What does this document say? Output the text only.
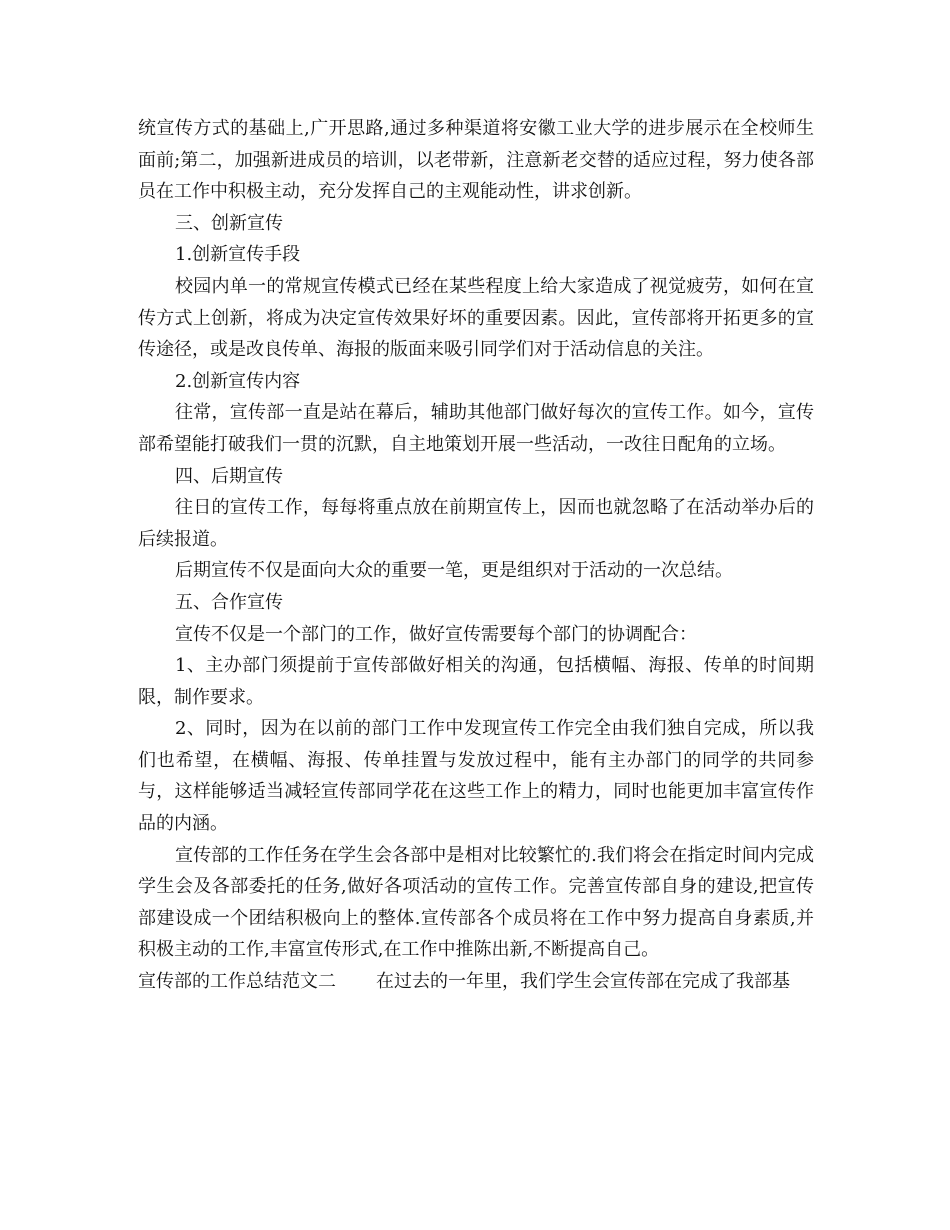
统宣传方式的基础上,广开思路,通过多种渠道将安徽工业大学的进步展示在全校师生面前;第二，加强新进成员的培训，以老带新，注意新老交替的适应过程，努力使各部员在工作中积极主动，充分发挥自己的主观能动性，讲求创新。

三、创新宣传

1.创新宣传手段

校园内单一的常规宣传模式已经在某些程度上给大家造成了视觉疲劳，如何在宣传方式上创新，将成为决定宣传效果好坏的重要因素。因此，宣传部将开拓更多的宣传途径，或是改良传单、海报的版面来吸引同学们对于活动信息的关注。

2.创新宣传内容

往常，宣传部一直是站在幕后，辅助其他部门做好每次的宣传工作。如今，宣传部希望能打破我们一贯的沉默，自主地策划开展一些活动，一改往日配角的立场。

四、后期宣传

往日的宣传工作，每每将重点放在前期宣传上，因而也就忽略了在活动举办后的后续报道。

后期宣传不仅是面向大众的重要一笔，更是组织对于活动的一次总结。

五、合作宣传

宣传不仅是一个部门的工作，做好宣传需要每个部门的协调配合：

1、主办部门须提前于宣传部做好相关的沟通，包括横幅、海报、传单的时间期限，制作要求。

2、同时，因为在以前的部门工作中发现宣传工作完全由我们独自完成，所以我们也希望，在横幅、海报、传单挂置与发放过程中，能有主办部门的同学的共同参与，这样能够适当减轻宣传部同学花在这些工作上的精力，同时也能更加丰富宣传作品的内涵。

宣传部的工作任务在学生会各部中是相对比较繁忙的.我们将会在指定时间内完成学生会及各部委托的任务,做好各项活动的宣传工作。完善宣传部自身的建设,把宣传部建设成一个团结积极向上的整体.宣传部各个成员将在工作中努力提高自身素质,并积极主动的工作,丰富宣传形式,在工作中推陈出新,不断提高自己。

宣传部的工作总结范文二 在过去的一年里，我们学生会宣传部在完成了我部基
